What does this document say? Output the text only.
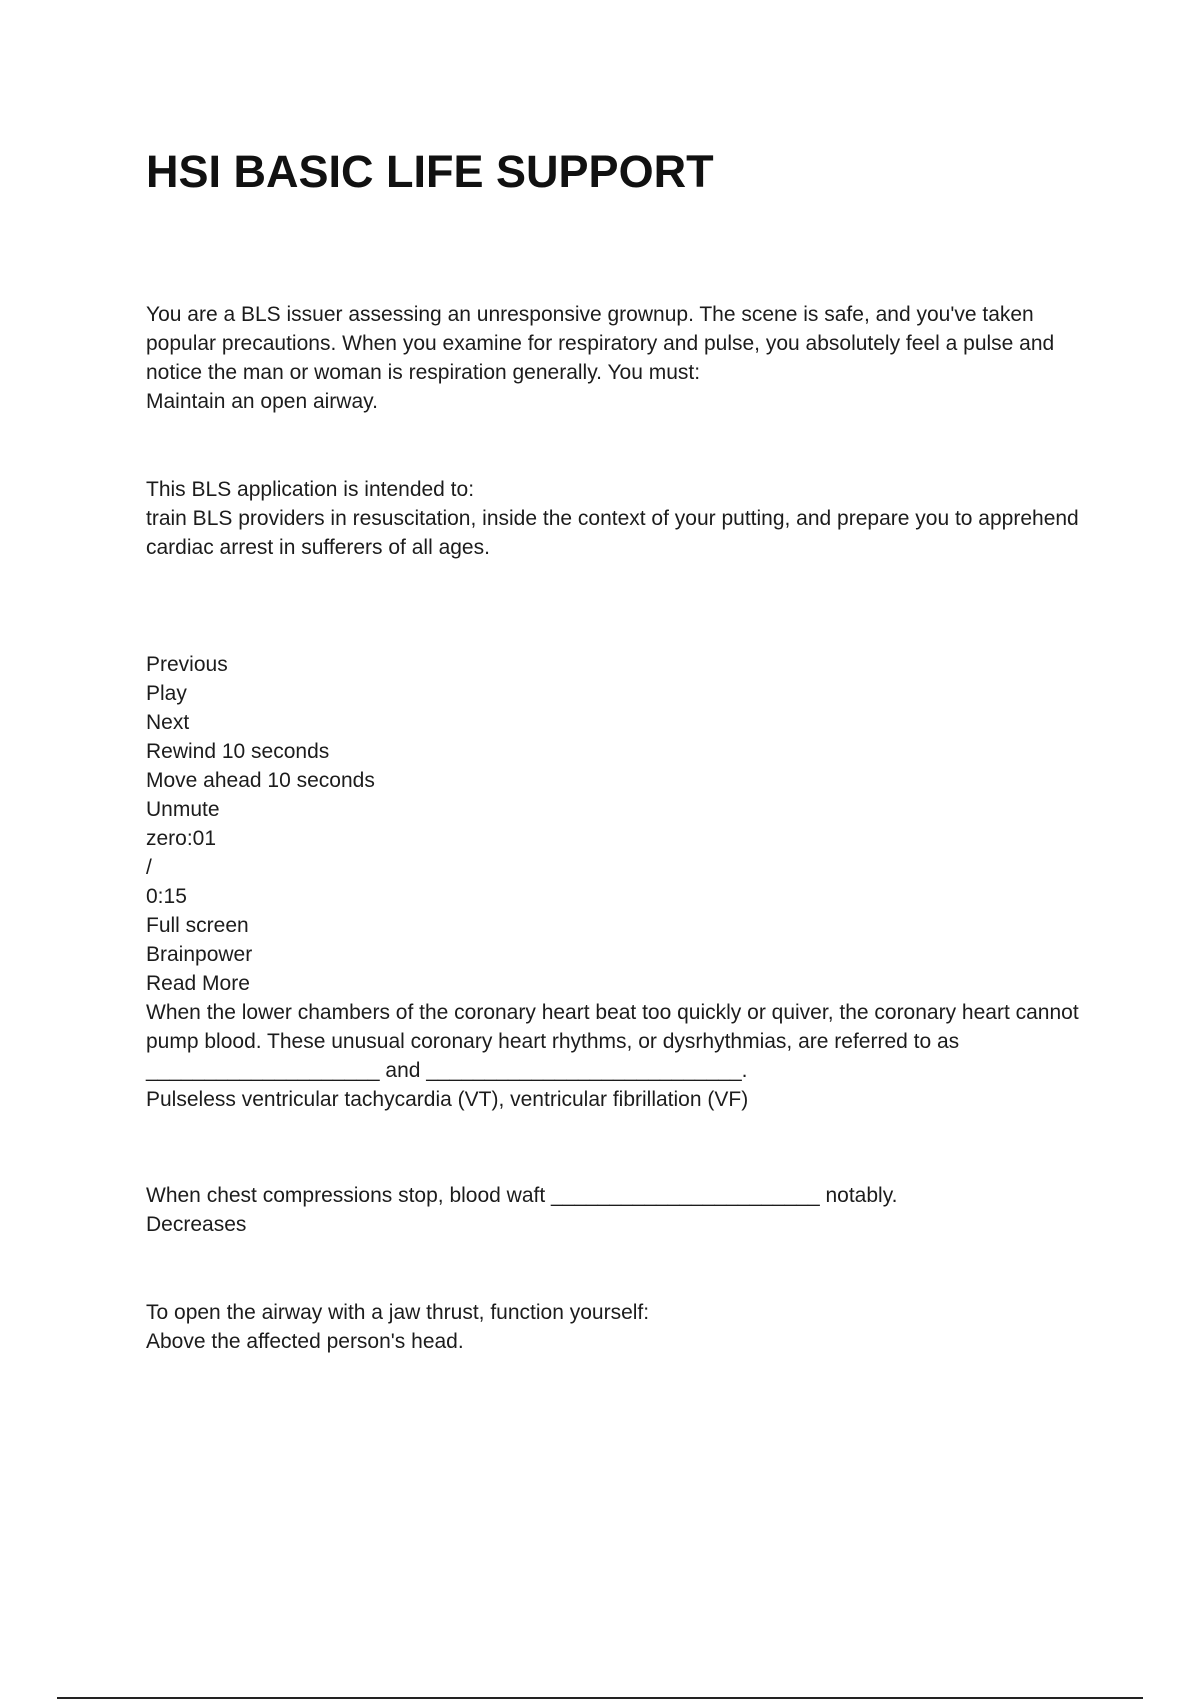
HSI BASIC LIFE SUPPORT
You are a BLS issuer assessing an unresponsive grownup. The scene is safe, and you've taken popular precautions. When you examine for respiratory and pulse, you absolutely feel a pulse and notice the man or woman is respiration generally. You must:
Maintain an open airway.
This BLS application is intended to:
train BLS providers in resuscitation, inside the context of your putting, and prepare you to apprehend cardiac arrest in sufferers of all ages.
Previous
Play
Next
Rewind 10 seconds
Move ahead 10 seconds
Unmute
zero:01
/
0:15
Full screen
Brainpower
Read More
When the lower chambers of the coronary heart beat too quickly or quiver, the coronary heart cannot pump blood. These unusual coronary heart rhythms, or dysrhythmias, are referred to as ____________________ and ___________________________.
Pulseless ventricular tachycardia (VT), ventricular fibrillation (VF)
When chest compressions stop, blood waft _______________________ notably.
Decreases
To open the airway with a jaw thrust, function yourself:
Above the affected person's head.
